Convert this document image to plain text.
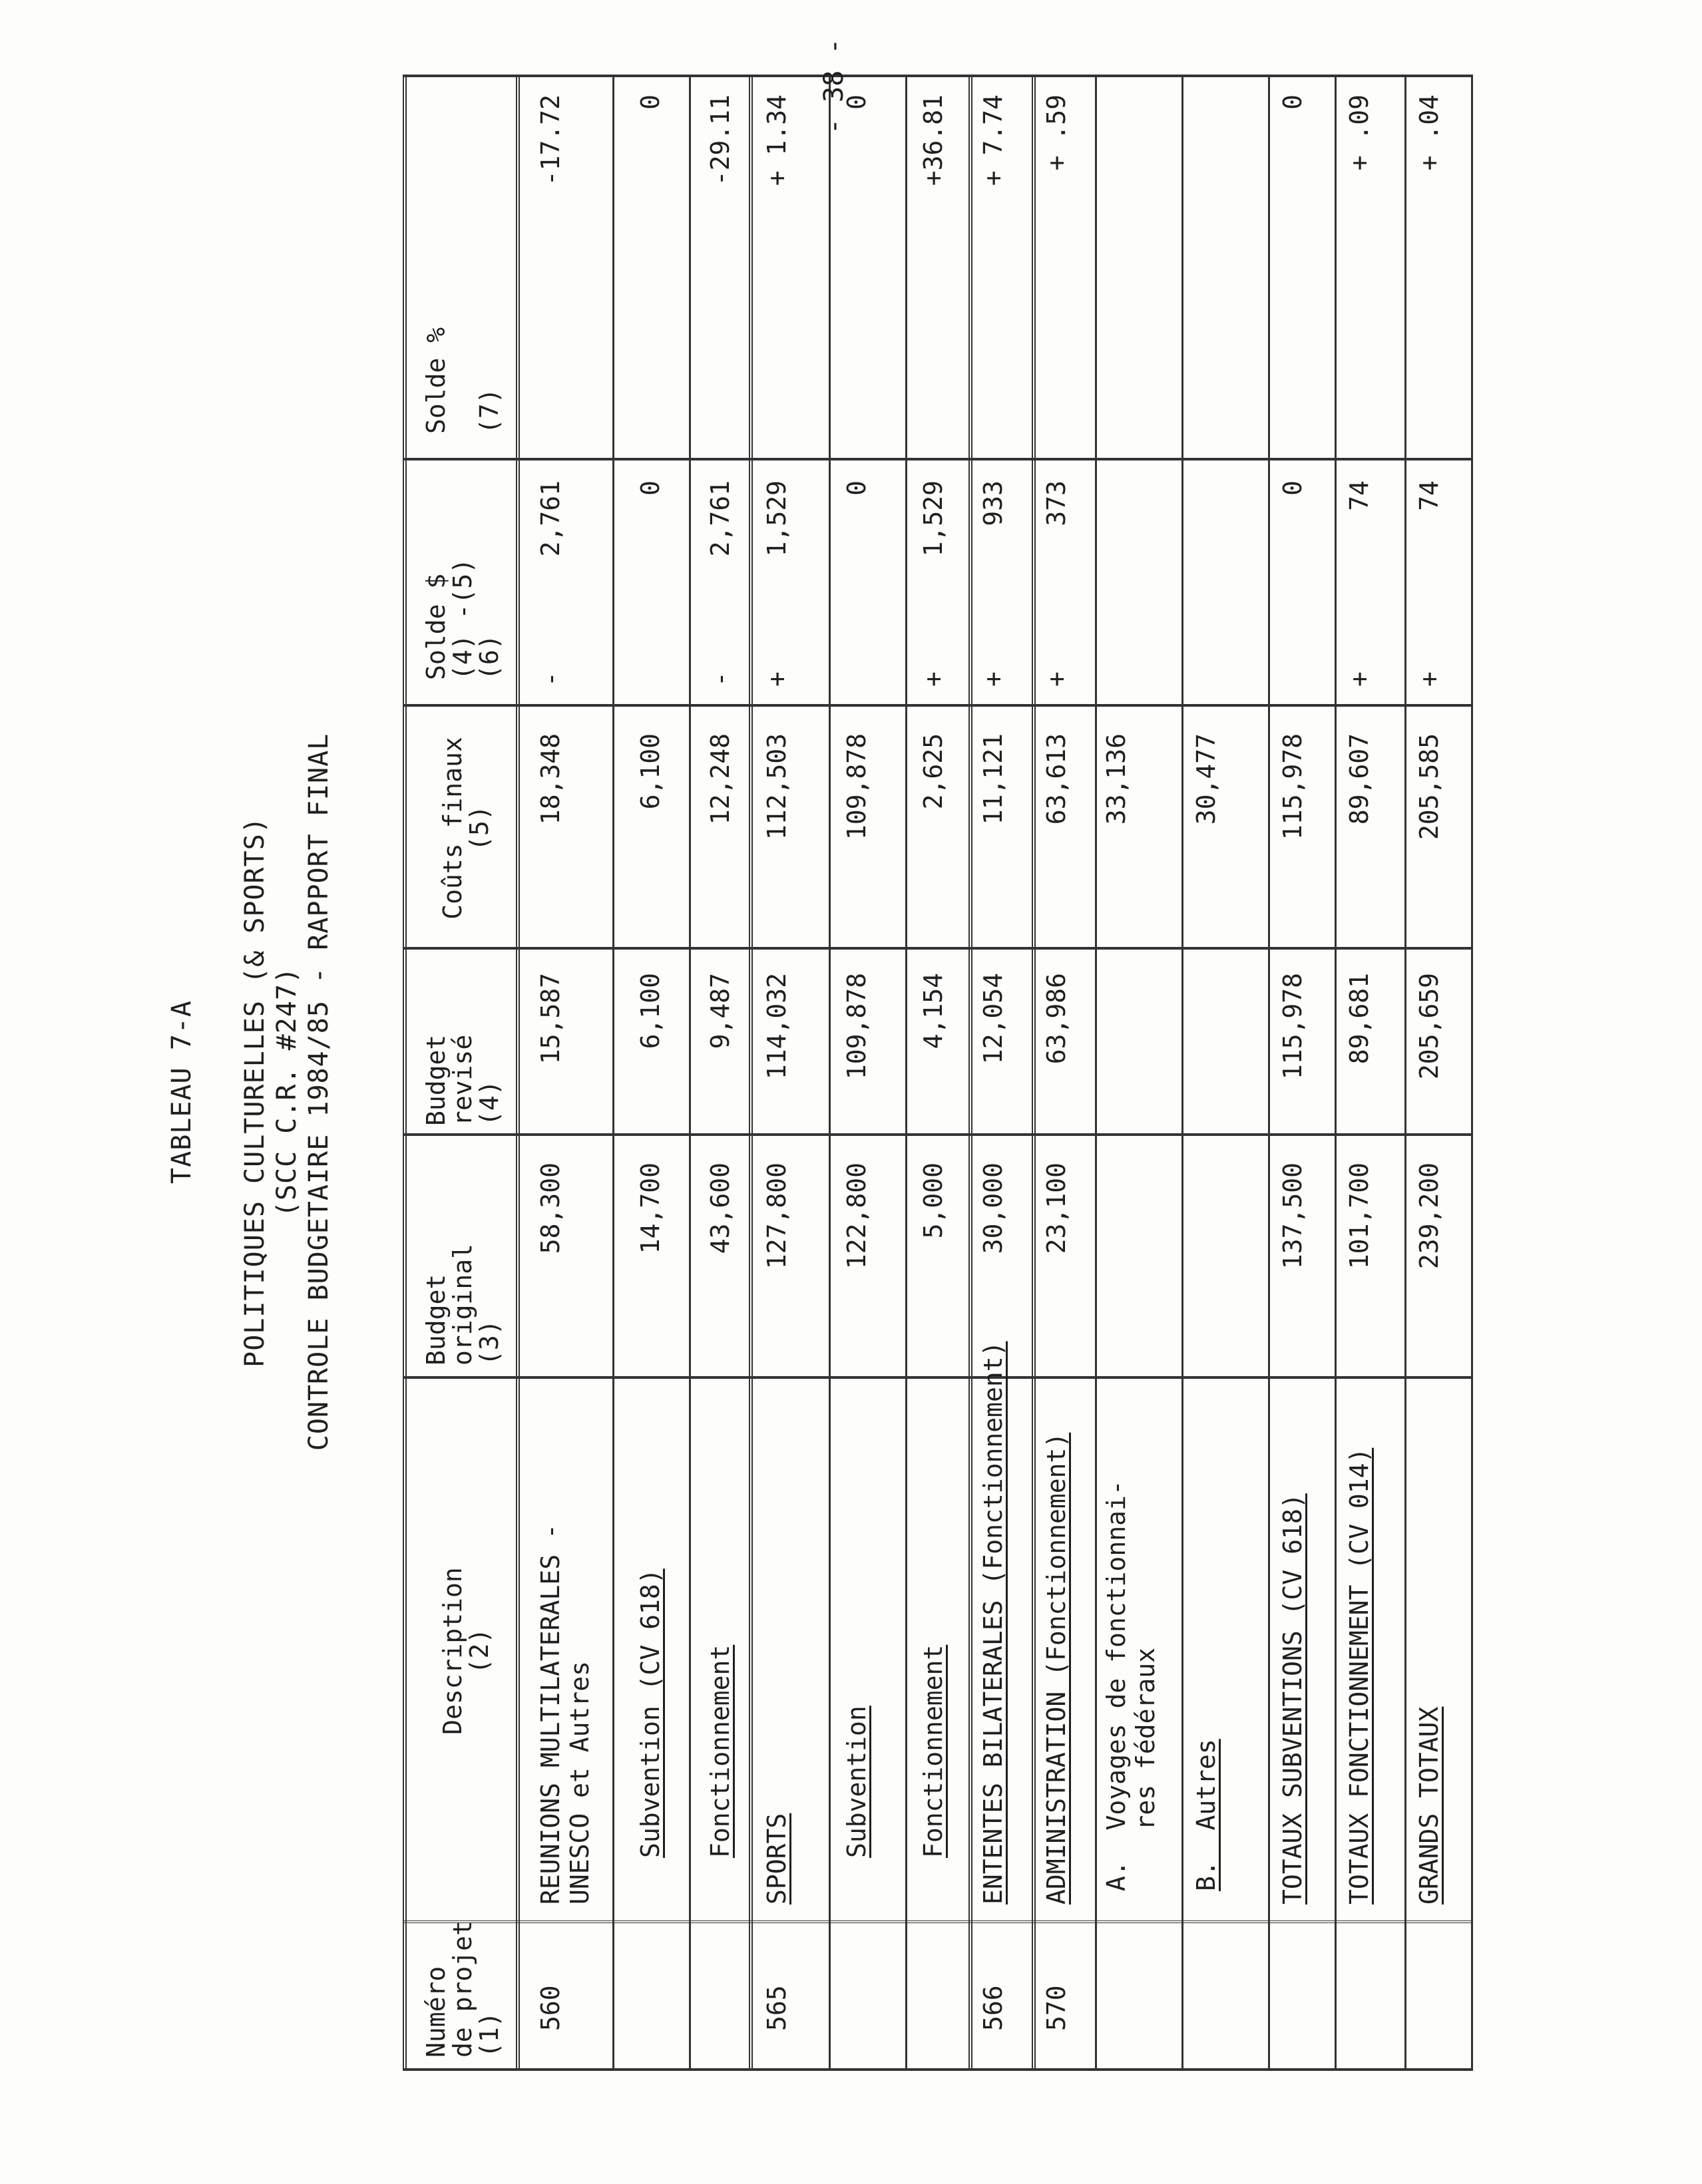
TABLEAU 7-A POLITIQUES CULTURELLES (& SPORTS) (SCC C.R. #247) CONTROLE BUDGETAIRE 1984/85 - RAPPORT FINAL
Numéro
de projet
(1)
Description
(2)
Budget
original
(3)
Budget
revisé
(4)
Coûts finaux
(5)
Solde $
(4) -(5)
(6)
Solde %

(7)
560
REUNIONS MULTILATERALES -
UNESCO et Autres
58,300
15,587
18,348
-
2,761
-17.72
Subvention (CV 618)
14,700
6,100
6,100
0
0
Fonctionnement
43,600
9,487
12,248
-
2,761
-29.11
565
SPORTS
127,800
114,032
112,503
+
1,529
+ 1.34
Subvention
122,800
109,878
109,878
0
0
Fonctionnement
5,000
4,154
2,625
+
1,529
+36.81
566
ENTENTES BILATERALES (Fonctionnement)
30,000
12,054
11,121
+
933
+ 7.74
570
ADMINISTRATION (Fonctionnement)
23,100
63,986
63,613
+
373
+ .59
A.  Voyages de fonctionnai-
res fédéraux
33,136
B.  Autres
30,477
TOTAUX SUBVENTIONS (CV 618)
137,500
115,978
115,978
0
0
TOTAUX FONCTIONNEMENT (CV 014)
101,700
89,681
89,607
+
74
+ .09
GRANDS TOTAUX
239,200
205,659
205,585
+
74
+ .04
- 38 -
